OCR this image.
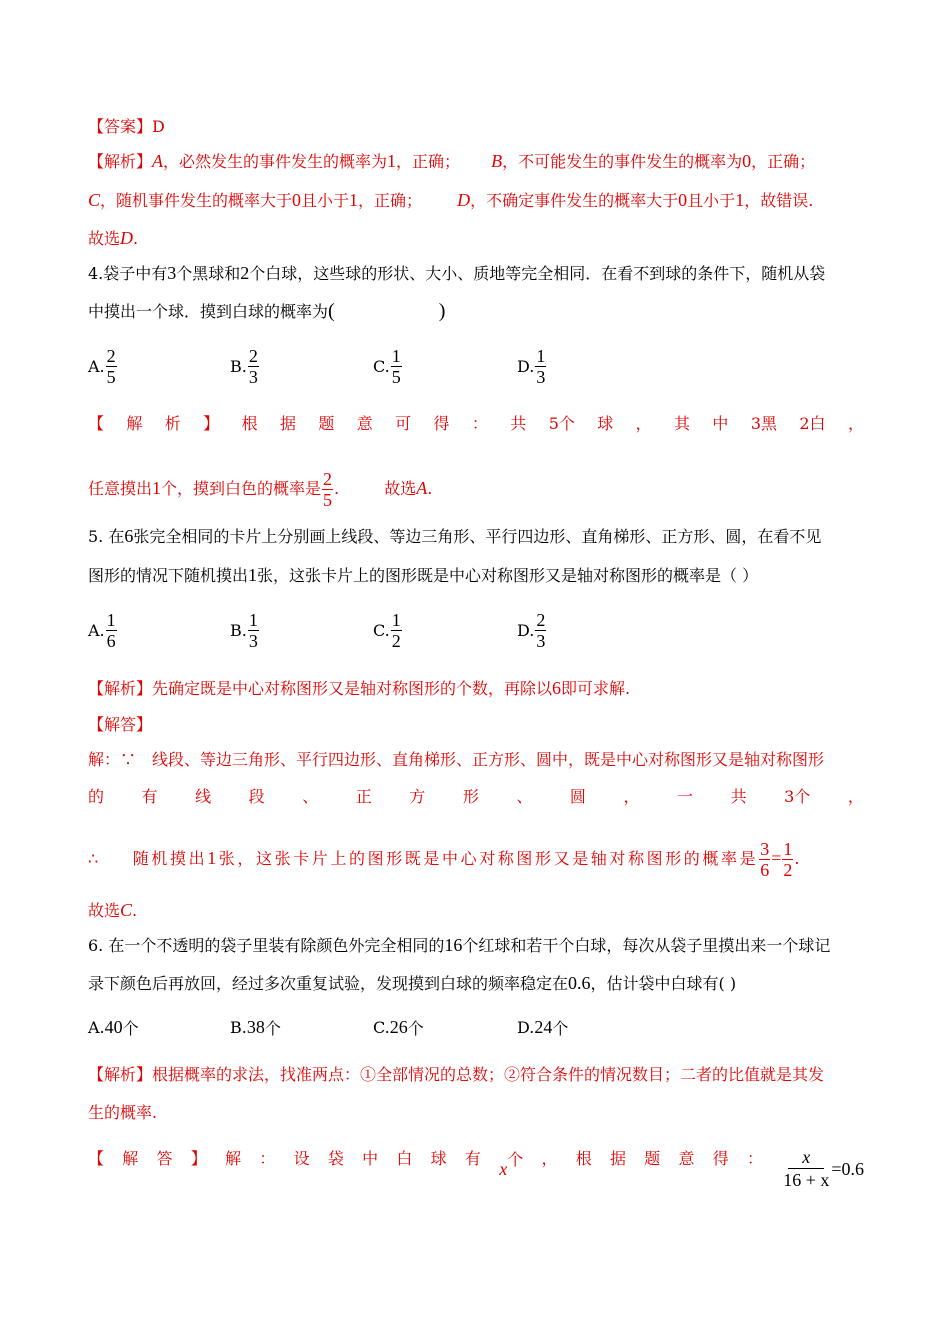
【答案】D
【解析】A，必然发生的事件发生的概率为1，正确； B，不可能发生的事件发生的概率为0，正确；
C，随机事件发生的概率大于0且小于1，正确； D，不确定事件发生的概率大于0且小于1，故错误.
故选D.
4.袋子中有3个黑球和2个白球，这些球的形状、大小、质地等完全相同．在看不到球的条件下，随机从袋
中摸出一个球．摸到白球的概率为(	)
A. $\frac{2}{5}$	B. $\frac{2}{3}$	C. $\frac{1}{5}$	D. $\frac{1}{3}$
【 解 析 】 根 据 题 意 可 得 ： 共 5个 球 ， 其 中 3黑 2白 ，
任意摸出1个，摸到白色的概率是 $\frac{2}{5}$ .	故选A.
5. 在6张完全相同的卡片上分别画上线段、等边三角形、平行四边形、直角梯形、正方形、圆，在看不见
图形的情况下随机摸出1张，这张卡片上的图形既是中心对称图形又是轴对称图形的概率是（ ）
A. $\frac{1}{6}$	B. $\frac{1}{3}$	C. $\frac{1}{2}$	D. $\frac{2}{3}$
【解析】先确定既是中心对称图形又是轴对称图形的个数，再除以6即可求解.
【解答】
解：∵　线段、等边三角形、平行四边形、直角梯形、正方形、圆中，既是中心对称图形又是轴对称图形
的 有 线 段 、 正 方 形 、 圆 ， 一 共 3个 ，
∴ 随机摸出1张，这张卡片上的图形既是中心对称图形又是轴对称图形的概率是 $\frac{3}{6} = \frac{1}{2}$ .
故选C.
6. 在一个不透明的袋子里装有除颜色外完全相同的16个红球和若干个白球，每次从袋子里摸出来一个球记
录下颜色后再放回，经过多次重复试验，发现摸到白球的频率稳定在0.6，估计袋中白球有( )
A. 40 个	B. 38 个	C. 26 个	D. 24 个
【解析】根据概率的求法，找准两点：①全部情况的总数；②符合条件的情况数目；二者的比值就是其发
生的概率.
【 解 答 】 解 ： 设 袋 中 白 球 有
x个 ， 根 据 题 意 得 ： $\frac{x}{16 + x} =0.6$
